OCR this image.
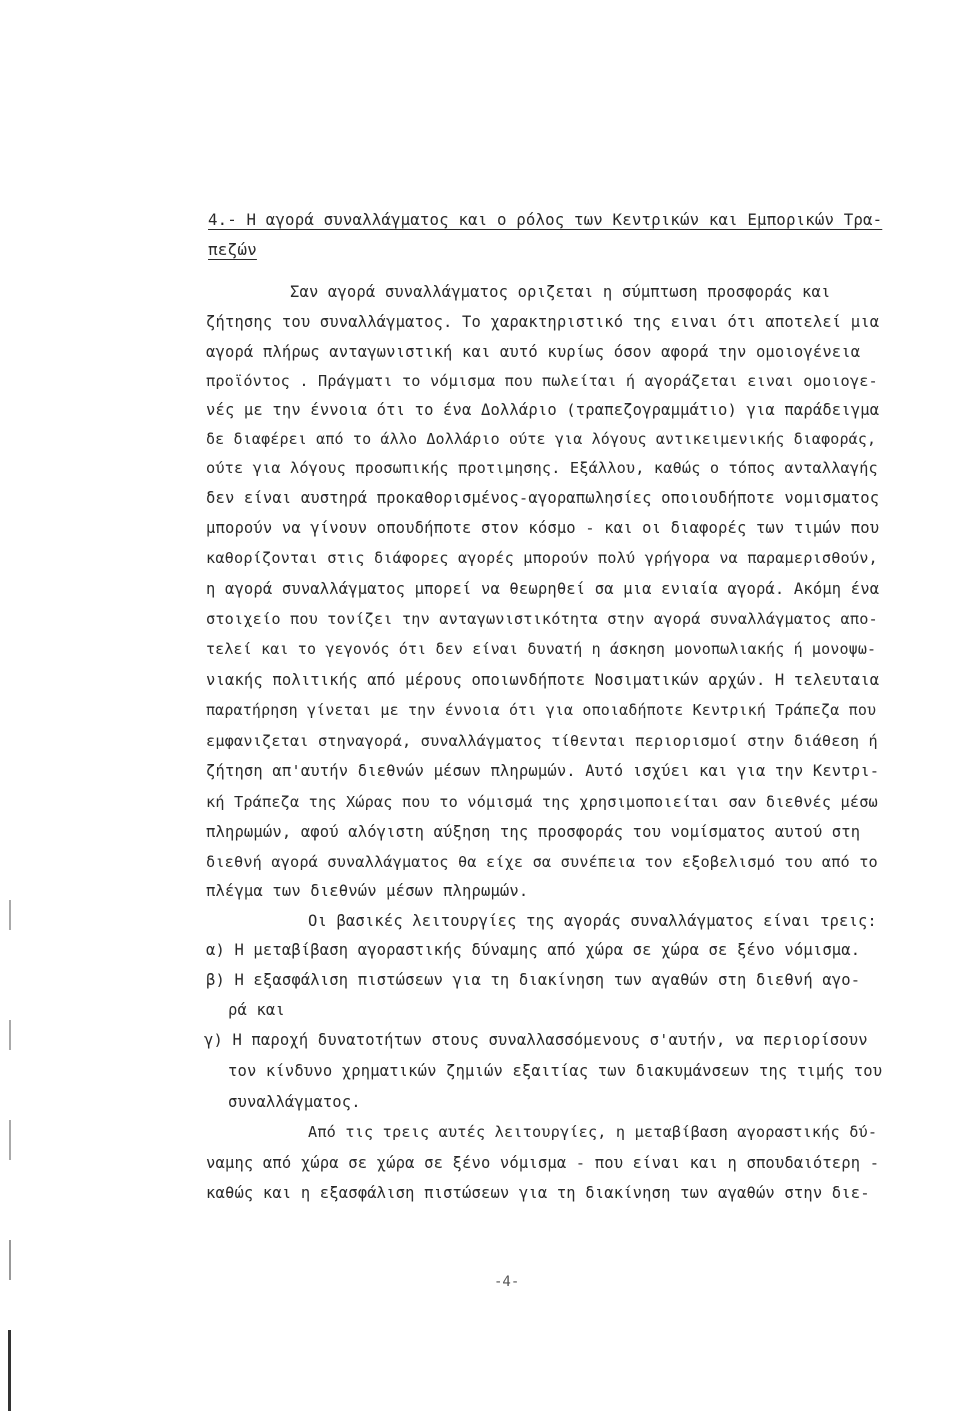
4.- Η αγορά συναλλάγματος και ο ρόλος των Κεντρικών και Εμπορικών Τρα-
πεζών
Σαν αγορά συναλλάγματος οριζεται η σύμπτωση προσφοράς και
ζήτησης του συναλλάγματος. Το χαρακτηριστικό της ειναι ότι αποτελεί μια
αγορά πλήρως ανταγωνιστική και αυτό κυρίως όσον αφορά την ομοιογένεια
προϊόντος . Πράγματι το νόμισμα που πωλείται ή αγοράζεται ειναι ομοιογε-
νές με την έννοια ότι το ένα Δολλάριο (τραπεζογραμμάτιο) για παράδειγμα
δε διαφέρει από το άλλο Δολλάριο ούτε για λόγους αντικειμενικής διαφοράς,
ούτε για λόγους προσωπικής προτιμησης. Εξάλλου, καθώς ο τόπος ανταλλαγής
δεν είναι αυστηρά προκαθορισμένος-αγοραπωλησίες οποιουδήποτε νομισματος
μπορούν να γίνουν οπουδήποτε στον κόσμο - και οι διαφορές των τιμών που
καθορίζονται στις διάφορες αγορές μπορούν πολύ γρήγορα να παραμερισθούν,
η αγορά συναλλάγματος μπορεί να θεωρηθεί σα μια ενιαία αγορά. Ακόμη ένα
στοιχείο που τονίζει την ανταγωνιστικότητα στην αγορά συναλλάγματος απο-
τελεί και το γεγονός ότι δεν είναι δυνατή η άσκηση μονοπωλιακής ή μονοψω-
νιακής πολιτικής από μέρους οποιωνδήποτε Νοσιματικών αρχών. Η τελευταια
παρατήρηση γίνεται με την έννοια ότι για οποιαδήποτε Κεντρική Τράπεζα που
εμφανιζεται στηναγορά, συναλλάγματος τίθενται περιορισμοί στην διάθεση ή
ζήτηση απ'αυτήν διεθνών μέσων πληρωμών. Αυτό ισχύει και για την Κεντρι-
κή Τράπεζα της Χώρας που το νόμισμά της χρησιμοποιείται σαν διεθνές μέσω
πληρωμών, αφού αλόγιστη αύξηση της προσφοράς του νομίσματος αυτού στη
διεθνή αγορά συναλλάγματος θα είχε σα συνέπεια τον εξοβελισμό του από το
πλέγμα των διεθνών μέσων πληρωμών.
Οι βασικές λειτουργίες της αγοράς συναλλάγματος είναι τρεις:
α) Η μεταβίβαση αγοραστικής δύναμης από χώρα σε χώρα σε ξένο νόμισμα.
β) Η εξασφάλιση πιστώσεων για τη διακίνηση των αγαθών στη διεθνή αγο-
ρά και
γ) Η παροχή δυνατοτήτων στους συναλλασσόμενους σ'αυτήν, να περιορίσουν
τον κίνδυνο χρηματικών ζημιών εξαιτίας των διακυμάνσεων της τιμής του
συναλλάγματος.
Από τις τρεις αυτές λειτουργίες, η μεταβίβαση αγοραστικής δύ-
ναμης από χώρα σε χώρα σε ξένο νόμισμα - που είναι και η σπουδαιότερη -
καθώς και η εξασφάλιση πιστώσεων για τη διακίνηση των αγαθών στην διε-
-4-
